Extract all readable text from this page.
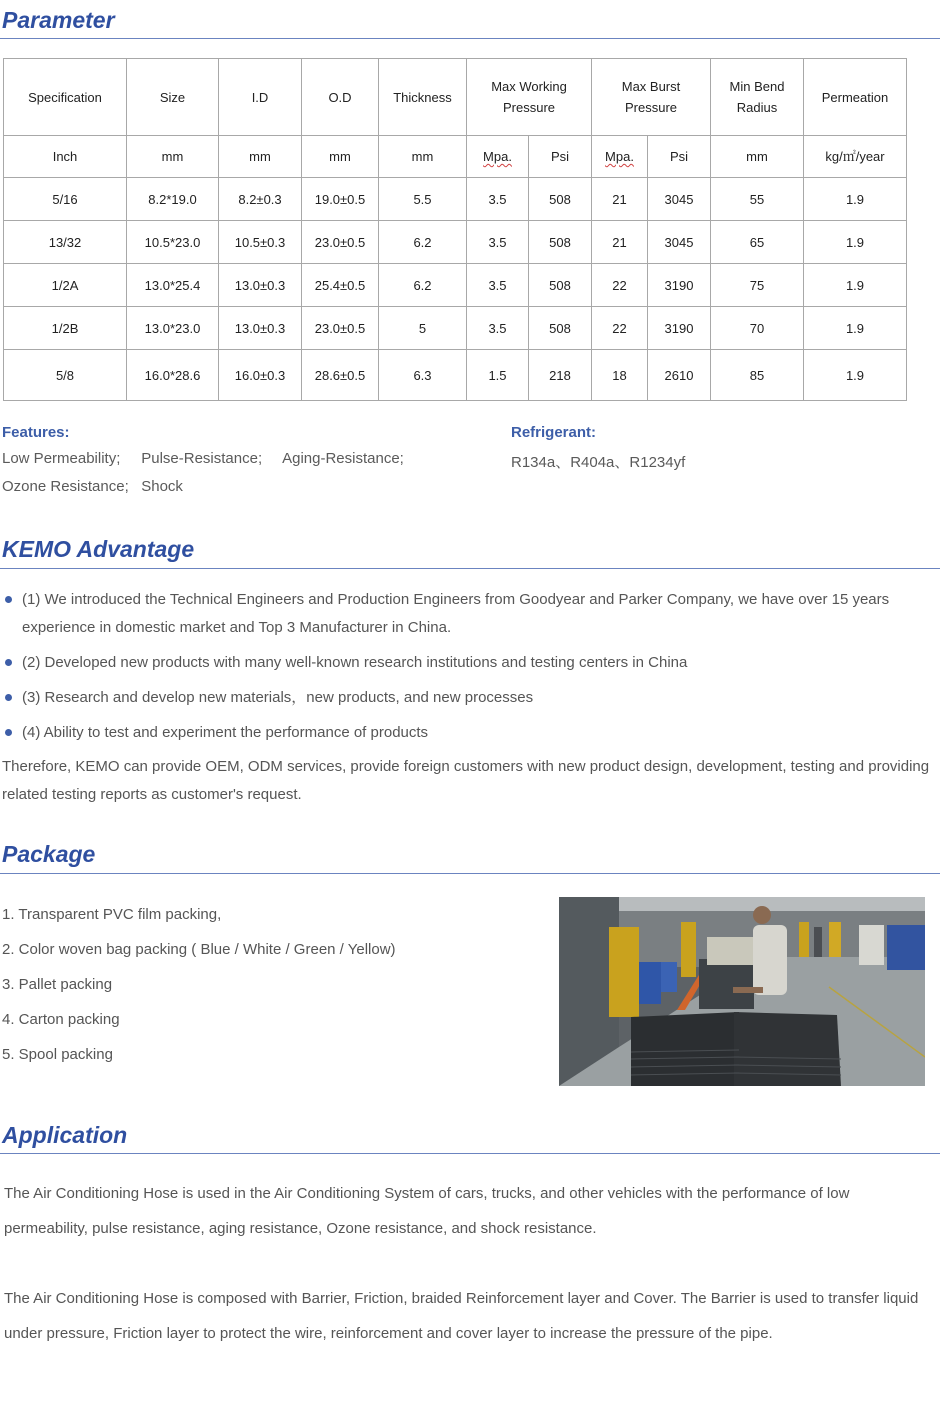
Parameter
Specification	Size	I.D	O.D	Thickness	Max Working Pressure		Max Burst Pressure		Min Bend Radius	Permeation
Inch	mm	mm	mm	mm	Mpa.	Psi	Mpa.	Psi	mm	kg/㎡/year
5/16	8.2*19.0	8.2±0.3	19.0±0.5	5.5	3.5	508	21	3045	55	1.9
13/32	10.5*23.0	10.5±0.3	23.0±0.5	6.2	3.5	508	21	3045	65	1.9
1/2A	13.0*25.4	13.0±0.3	25.4±0.5	6.2	3.5	508	22	3190	75	1.9
1/2B	13.0*23.0	13.0±0.3	23.0±0.5	5	3.5	508	22	3190	70	1.9
5/8	16.0*28.6	16.0±0.3	28.6±0.5	6.3	1.5	218	18	2610	85	1.9
Features:
Low Permeability;     Pulse-Resistance;     Aging-Resistance;
Ozone Resistance;   Shock
Refrigerant:
R134a、R404a、R1234yf
KEMO Advantage
(1) We introduced the Technical Engineers and Production Engineers from Goodyear and Parker Company, we have over 15 years experience in domestic market and Top 3 Manufacturer in China.
(2) Developed new products with many well-known research institutions and testing centers in China
(3) Research and develop new materials，new products, and new processes
(4) Ability to test and experiment the performance of products
Therefore, KEMO can provide OEM, ODM services, provide foreign customers with new product design, development, testing and providing related testing reports as customer's request.
Package
1. Transparent PVC film packing,
2. Color woven bag packing ( Blue / White / Green / Yellow)
3. Pallet packing
4. Carton packing
5. Spool packing
Application
The Air Conditioning Hose is used in the Air Conditioning System of cars, trucks, and other vehicles with the performance of low permeability, pulse resistance, aging resistance, Ozone resistance, and shock resistance.
The Air Conditioning Hose is composed with Barrier, Friction, braided Reinforcement layer and Cover. The Barrier is used to transfer liquid under pressure, Friction layer to protect the wire, reinforcement and cover layer to increase the pressure of the pipe.
